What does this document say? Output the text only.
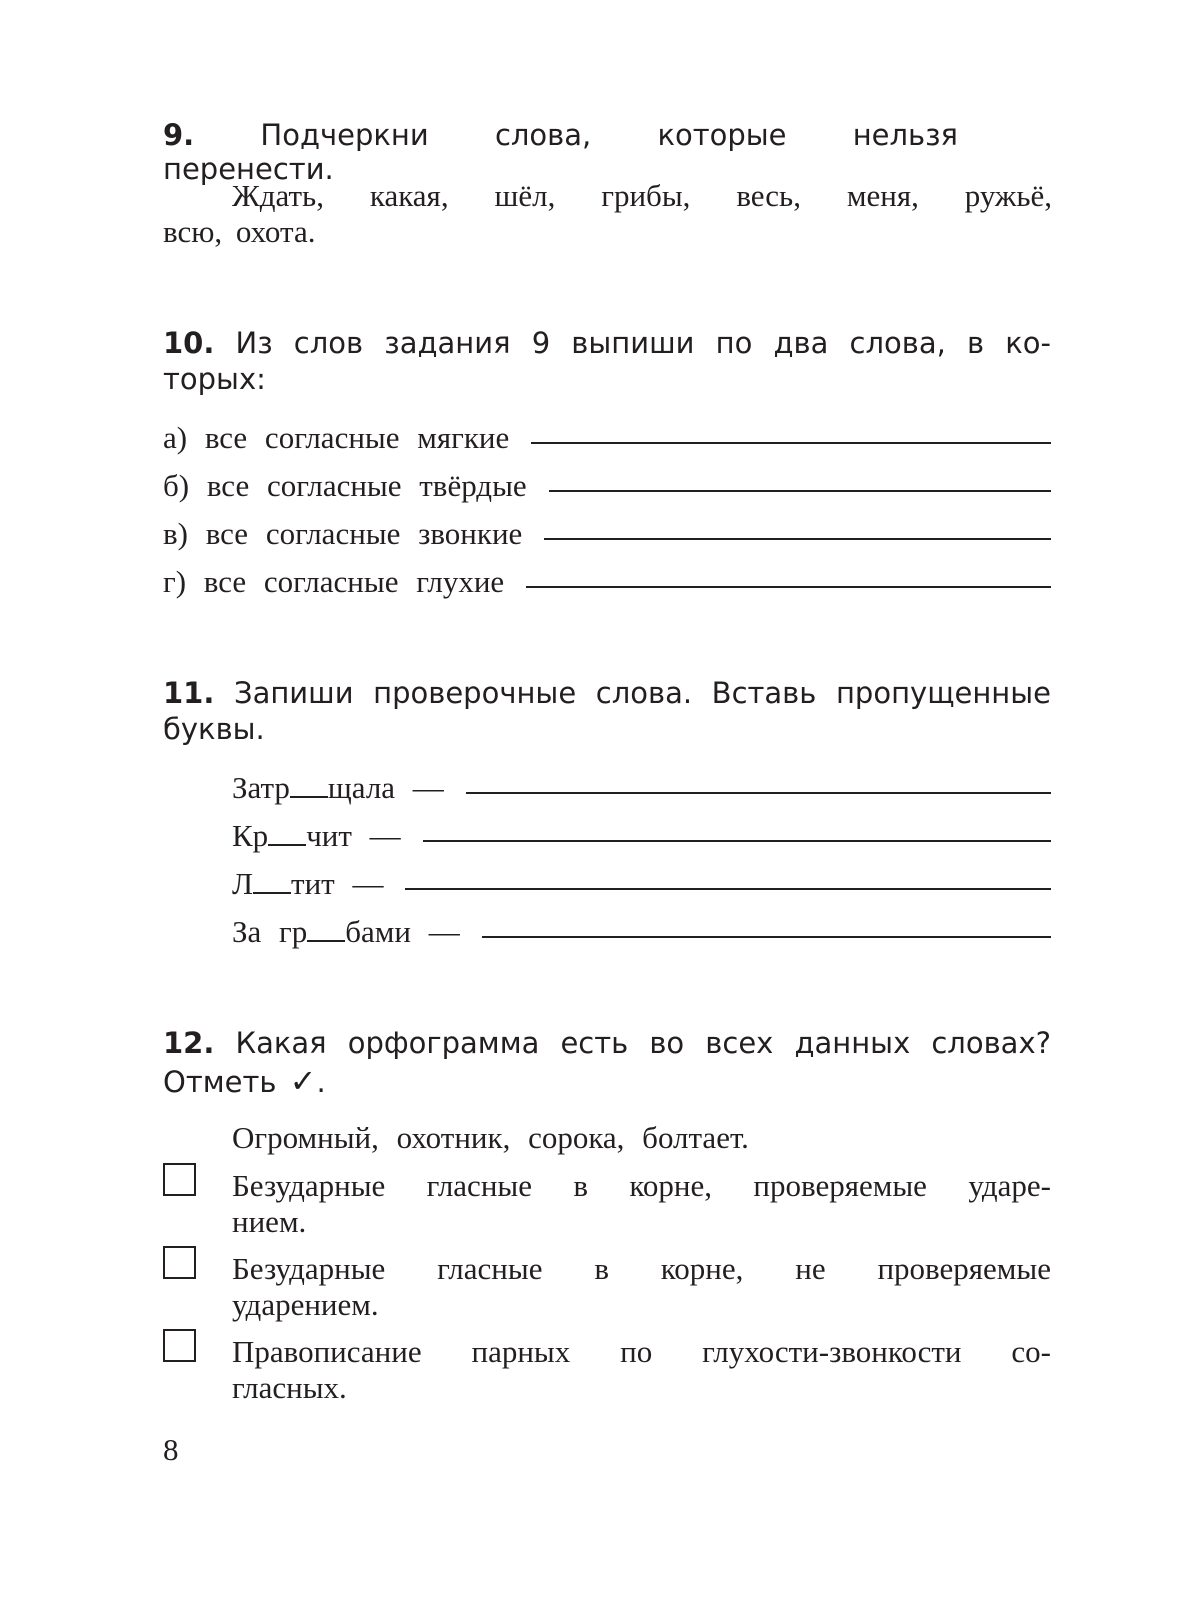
9. Подчеркни слова, которые нельзя перенести.
Ждать, какая, шёл, грибы, весь, меня, ружьё,
всю, охота.
10. Из слов задания 9 выпиши по два слова, в ко-
торых:
а) все согласные мягкие
б) все согласные твёрдые
в) все согласные звонкие
г) все согласные глухие
11. Запиши проверочные слова. Вставь пропущенные
буквы.
Затр щала —
Кр чит —
Л тит —
За гр бами —
12. Какая орфограмма есть во всех данных словах?
Отметь ✓.
Огромный, охотник, сорока, болтает.
Безударные гласные в корне, проверяемые ударе-
нием.
Безударные гласные в корне, не проверяемые
ударением.
Правописание парных по глухости-звонкости со-
гласных.
8
